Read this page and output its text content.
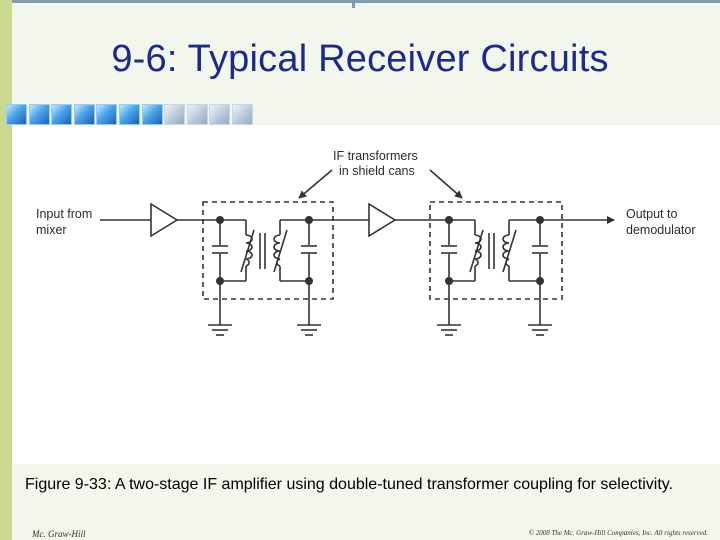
9-6: Typical Receiver Circuits
IF transformers
in shield cans
Input from
mixer
Output to
demodulator
Figure 9-33: A two-stage IF amplifier using double-tuned transformer coupling for selectivity.
Mc. Graw-Hill	© 2008 The Mc. Graw-Hill Companies, Inc. All rights reserved.
